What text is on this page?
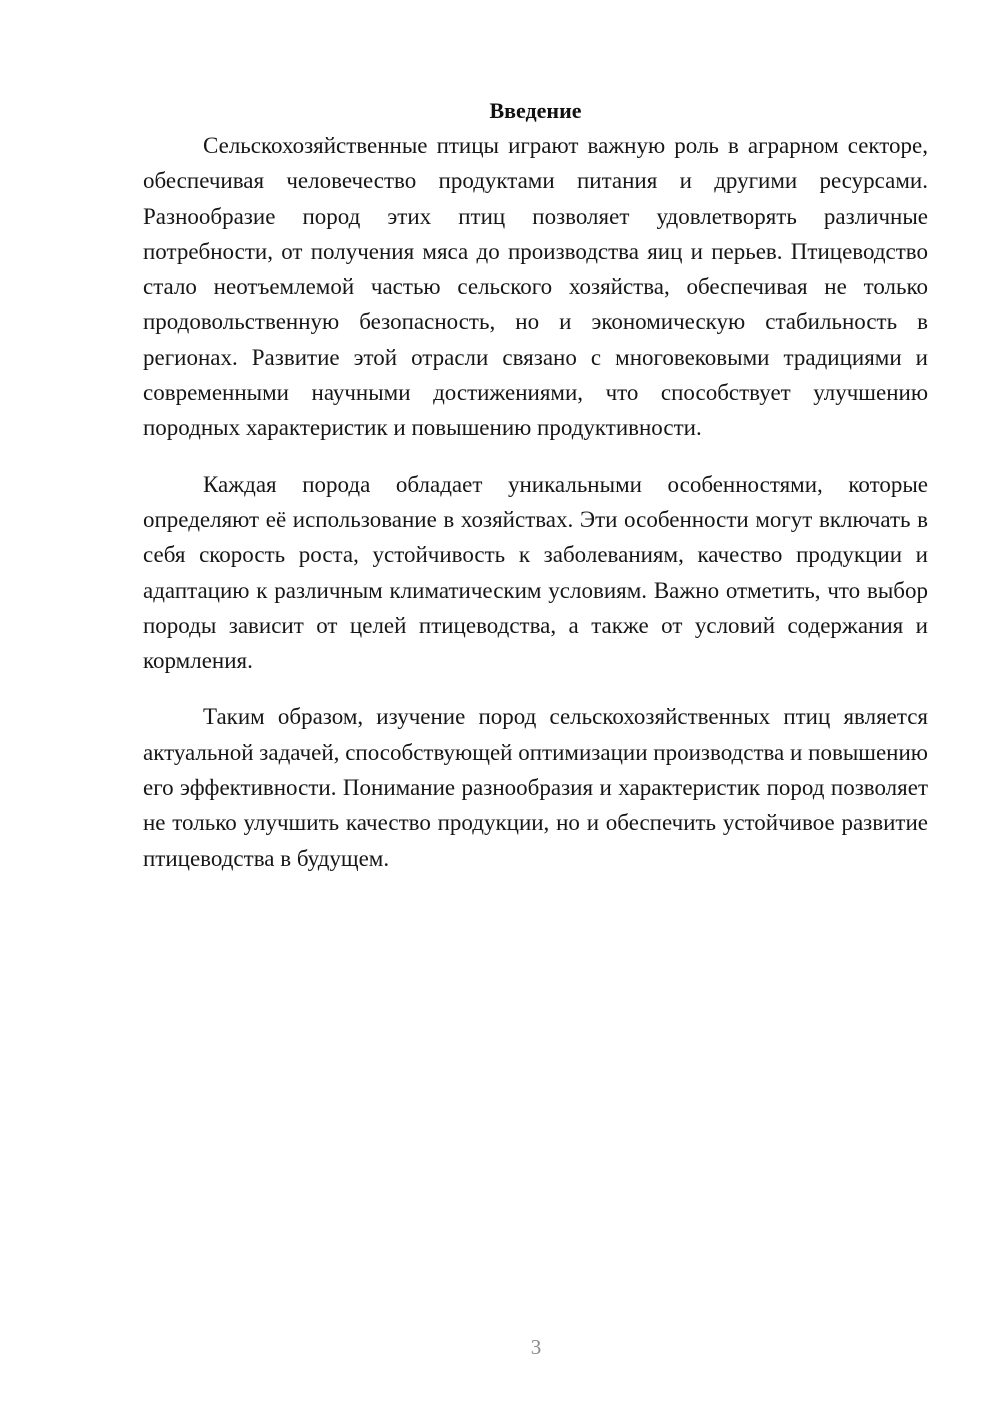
Введение

Сельскохозяйственные птицы играют важную роль в аграрном секторе, обеспечивая человечество продуктами питания и другими ресурсами. Разнообразие пород этих птиц позволяет удовлетворять различные потребности, от получения мяса до производства яиц и перьев. Птицеводство стало неотъемлемой частью сельского хозяйства, обеспечивая не только продовольственную безопасность, но и экономическую стабильность в регионах. Развитие этой отрасли связано с многовековыми традициями и современными научными достижениями, что способствует улучшению породных характеристик и повышению продуктивности.

Каждая порода обладает уникальными особенностями, которые определяют её использование в хозяйствах. Эти особенности могут включать в себя скорость роста, устойчивость к заболеваниям, качество продукции и адаптацию к различным климатическим условиям. Важно отметить, что выбор породы зависит от целей птицеводства, а также от условий содержания и кормления.

Таким образом, изучение пород сельскохозяйственных птиц является актуальной задачей, способствующей оптимизации производства и повышению его эффективности. Понимание разнообразия и характеристик пород позволяет не только улучшить качество продукции, но и обеспечить устойчивое развитие птицеводства в будущем.

3
